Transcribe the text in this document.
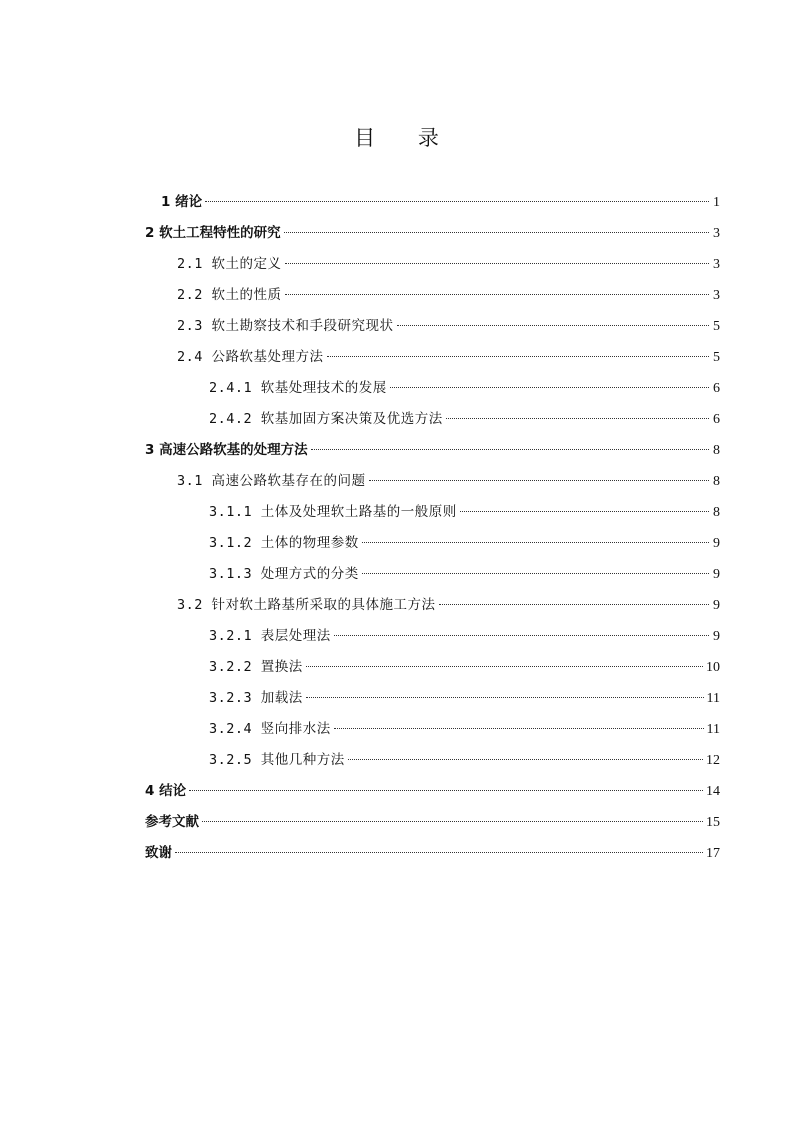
目 录
1 绪论	1
2 软土工程特性的研究	3
2.1 软土的定义	3
2.2 软土的性质	3
2.3 软土勘察技术和手段研究现状	5
2.4 公路软基处理方法	5
2.4.1 软基处理技术的发展	6
2.4.2 软基加固方案决策及优选方法	6
3 高速公路软基的处理方法	8
3.1 高速公路软基存在的问题	8
3.1.1 土体及处理软土路基的一般原则	8
3.1.2 土体的物理参数	9
3.1.3 处理方式的分类	9
3.2 针对软土路基所采取的具体施工方法	9
3.2.1 表层处理法	9
3.2.2 置换法	10
3.2.3 加载法	11
3.2.4 竖向排水法	11
3.2.5 其他几种方法	12
4 结论	14
参考文献	15
致谢	17
